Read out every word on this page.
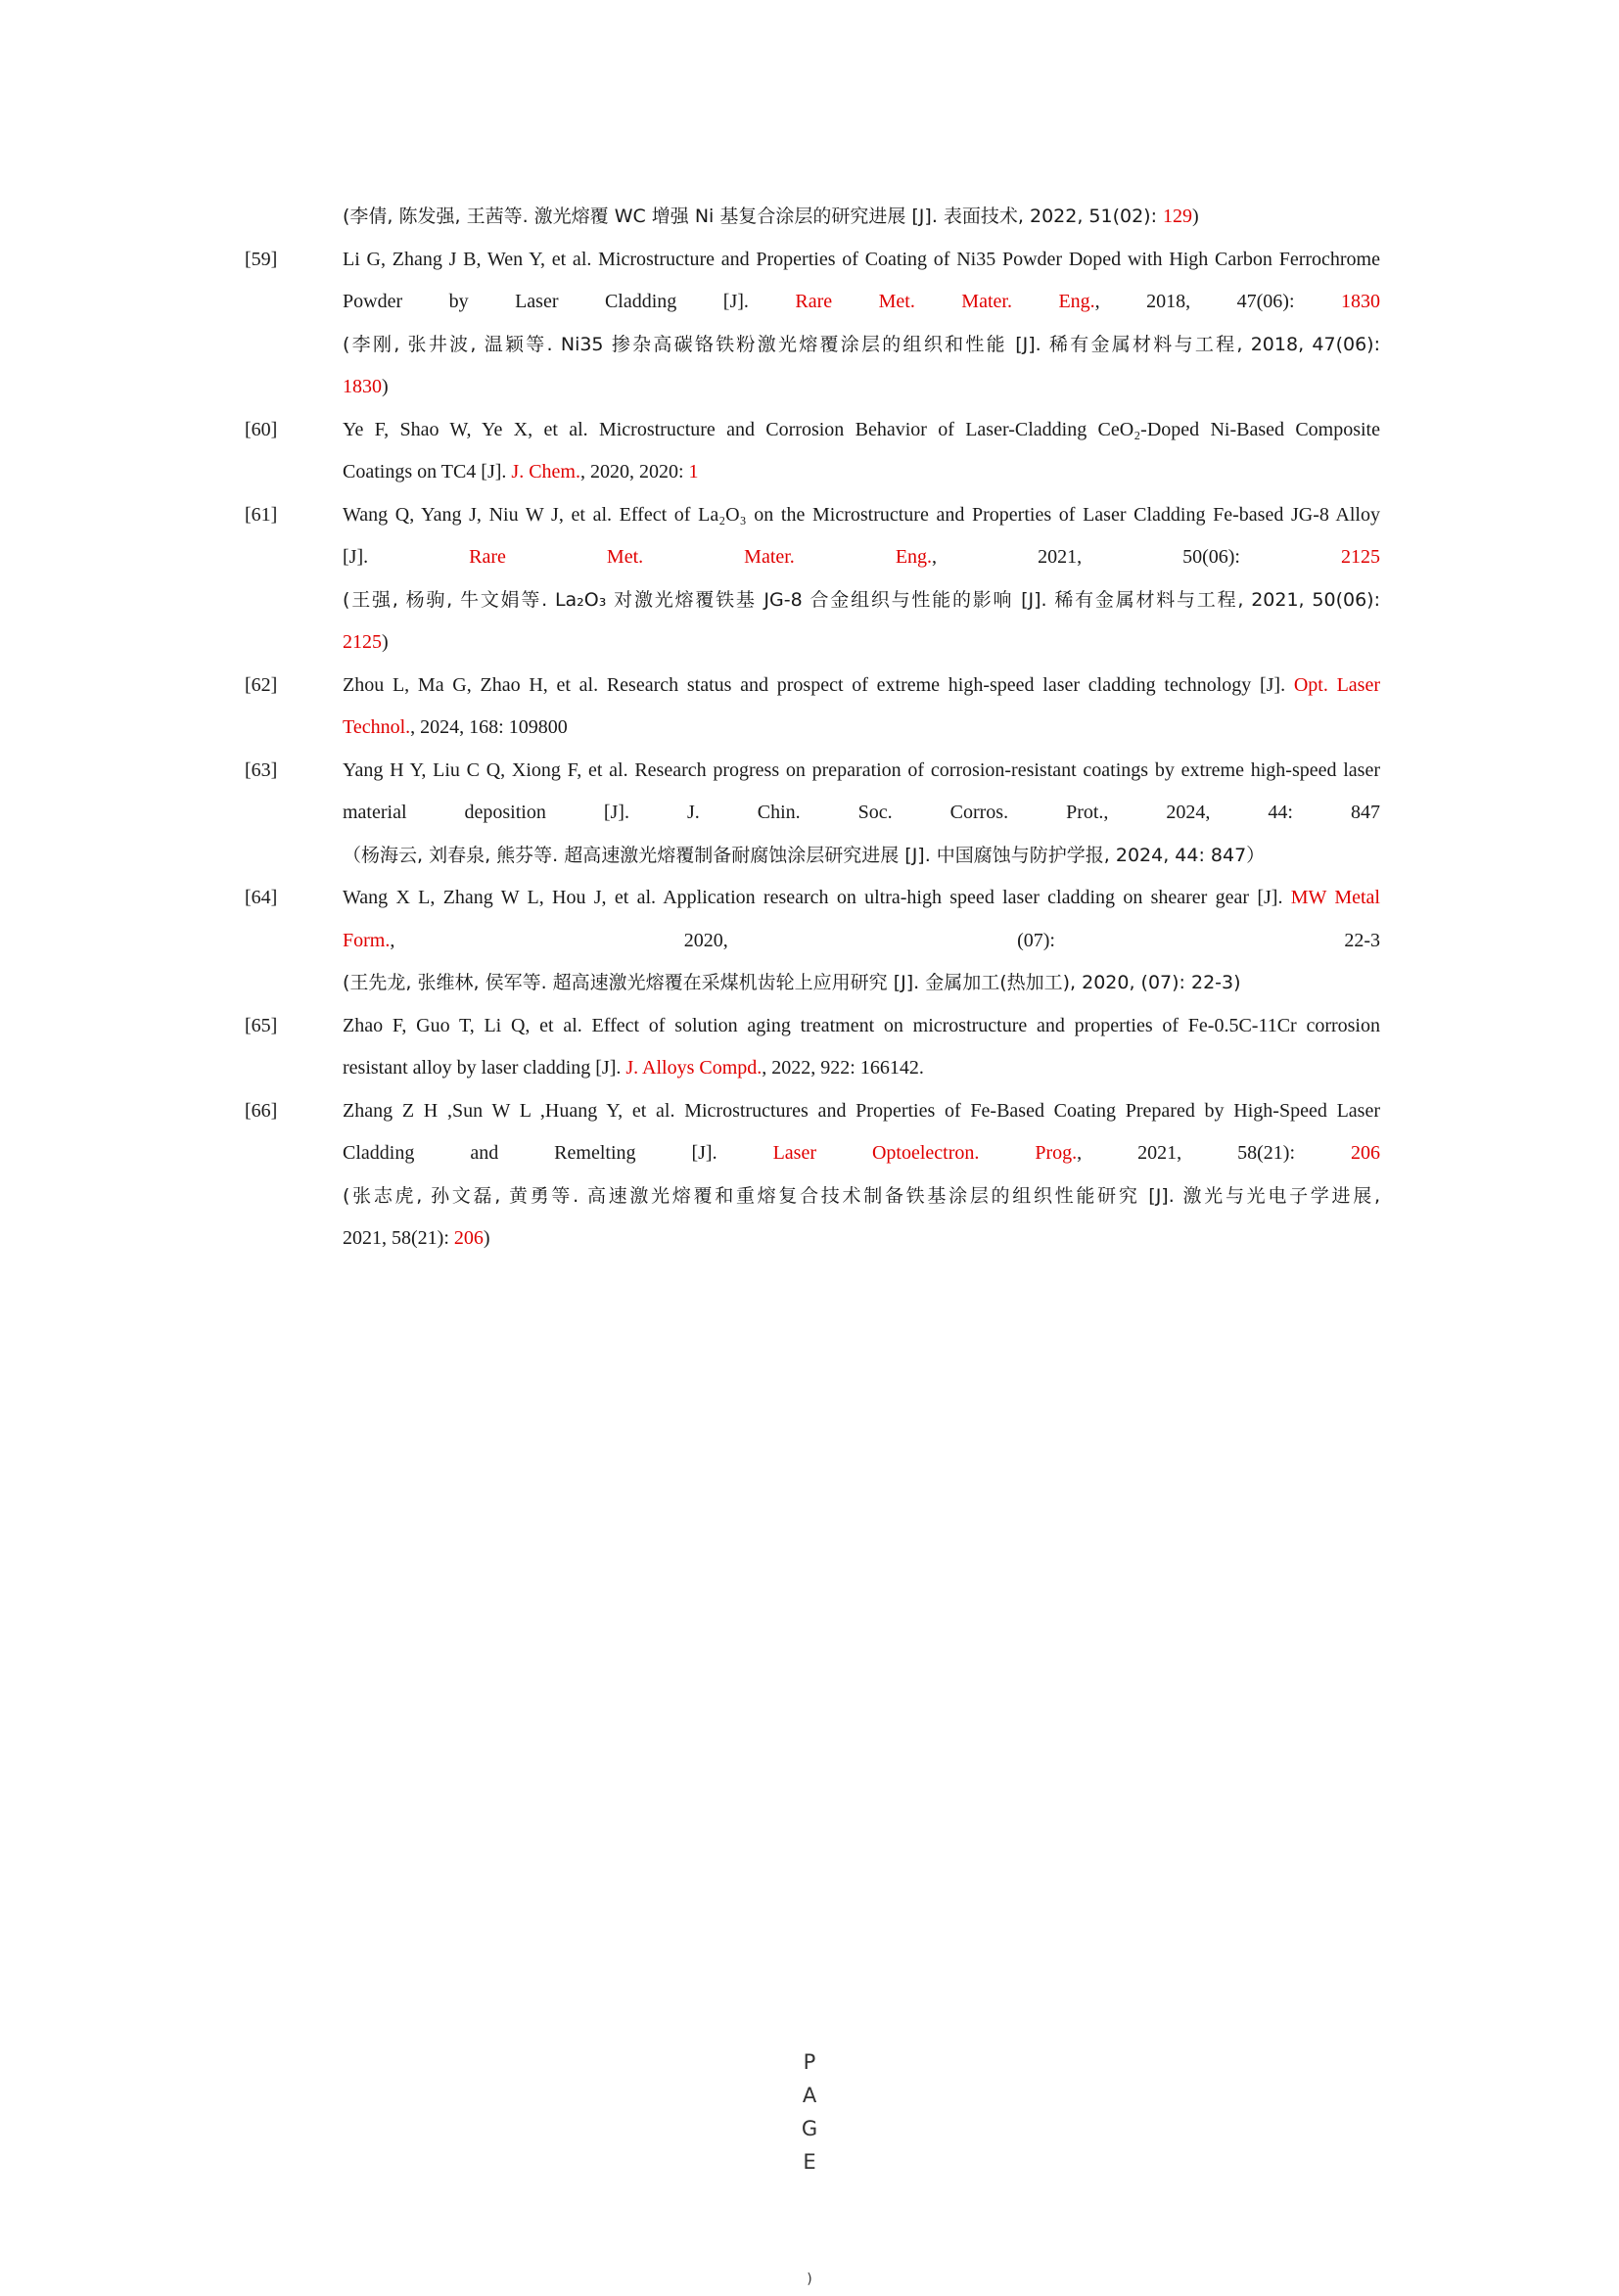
(李倩, 陈发强, 王茜等. 激光熔覆 WC 增强 Ni 基复合涂层的研究进展 [J]. 表面技术, 2022, 51(02): 129)
[59]	Li G, Zhang J B, Wen Y, et al. Microstructure and Properties of Coating of Ni35 Powder Doped with High Carbon Ferrochrome
Powder by Laser Cladding [J]. Rare Met. Mater. Eng., 2018, 47(06): 1830
(李刚, 张井波, 温颖等. Ni35 掺杂高碳铬铁粉激光熔覆涂层的组织和性能 [J]. 稀有金属材料与工程, 2018, 47(06):
1830)
[60]	Ye F, Shao W, Ye X, et al. Microstructure and Corrosion Behavior of Laser-Cladding CeO₂-Doped Ni-Based Composite
Coatings on TC4 [J]. J. Chem., 2020, 2020: 1
[61]	Wang Q, Yang J, Niu W J, et al. Effect of La₂O₃ on the Microstructure and Properties of Laser Cladding Fe-based JG-8 Alloy
[J]. Rare Met. Mater. Eng., 2021, 50(06): 2125
(王强, 杨驹, 牛文娟等. La₂O₃ 对激光熔覆铁基 JG-8 合金组织与性能的影响 [J]. 稀有金属材料与工程, 2021, 50(06):
2125)
[62]	Zhou L, Ma G, Zhao H, et al. Research status and prospect of extreme high-speed laser cladding technology [J]. Opt. Laser
Technol., 2024, 168: 109800
[63]	Yang H Y, Liu C Q, Xiong F, et al. Research progress on preparation of corrosion-resistant coatings by extreme high-speed laser
material deposition [J]. J. Chin. Soc. Corros. Prot., 2024, 44: 847
（杨海云, 刘春泉, 熊芬等. 超高速激光熔覆制备耐腐蚀涂层研究进展 [J]. 中国腐蚀与防护学报, 2024, 44: 847）
[64]	Wang X L, Zhang W L, Hou J, et al. Application research on ultra-high speed laser cladding on shearer gear [J]. MW Metal
Form., 2020, (07): 22-3
(王先龙, 张维林, 侯军等. 超高速激光熔覆在采煤机齿轮上应用研究 [J]. 金属加工(热加工), 2020, (07): 22-3)
[65]	Zhao F, Guo T, Li Q, et al. Effect of solution aging treatment on microstructure and properties of Fe‐0.5C‐11Cr corrosion
resistant alloy by laser cladding [J]. J. Alloys Compd., 2022, 922: 166142.
[66]	Zhang Z H ,Sun W L ,Huang Y, et al. Microstructures and Properties of Fe-Based Coating Prepared by High-Speed Laser
Cladding and Remelting [J]. Laser Optoelectron. Prog., 2021, 58(21): 206
(张志虎, 孙文磊, 黄勇等. 高速激光熔覆和重熔复合技术制备铁基涂层的组织性能研究 [J]. 激光与光电子学进展,
2021, 58(21): 206)
P
A
G
E
)
